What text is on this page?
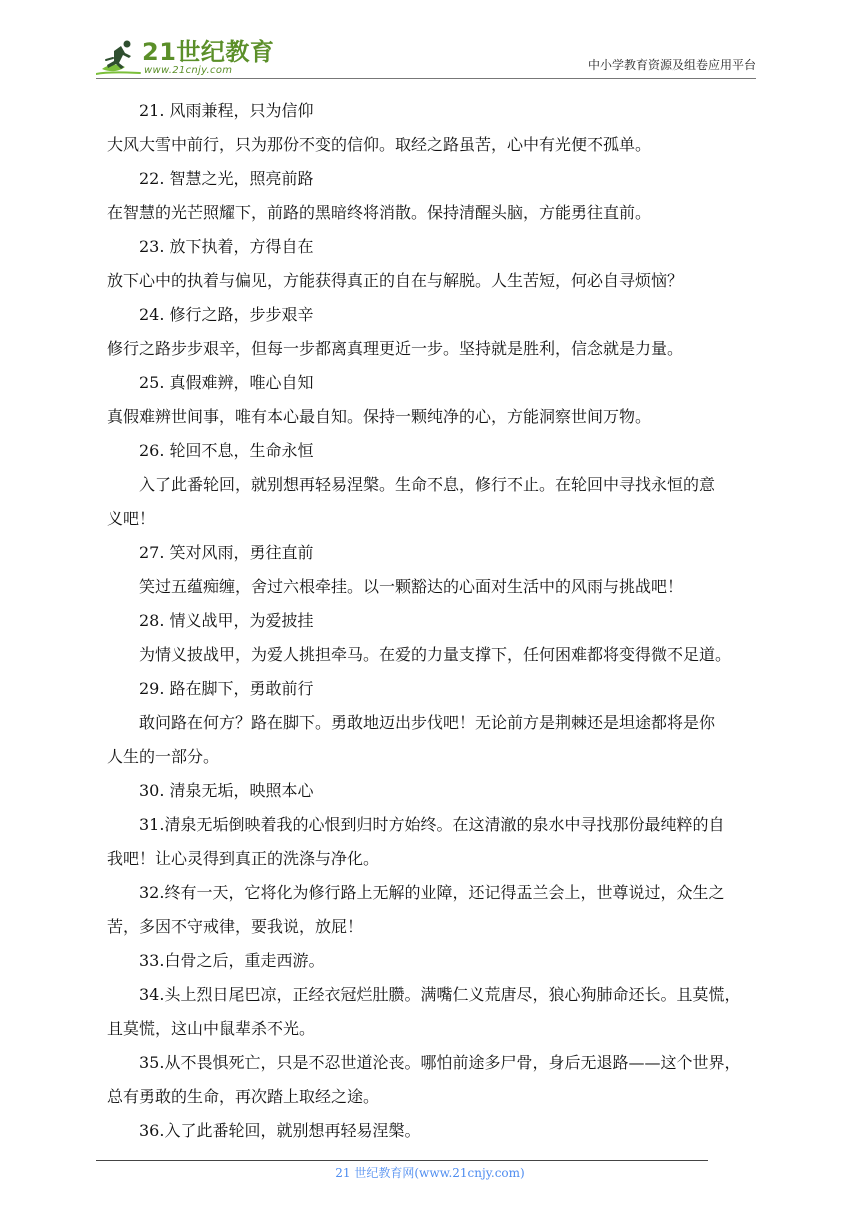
21世纪教育
www.21cnjy.com	中小学教育资源及组卷应用平台
21. 风雨兼程，只为信仰
大风大雪中前行，只为那份不变的信仰。取经之路虽苦，心中有光便不孤单。
22. 智慧之光，照亮前路
在智慧的光芒照耀下，前路的黑暗终将消散。保持清醒头脑，方能勇往直前。
23. 放下执着，方得自在
放下心中的执着与偏见，方能获得真正的自在与解脱。人生苦短，何必自寻烦恼？
24. 修行之路，步步艰辛
修行之路步步艰辛，但每一步都离真理更近一步。坚持就是胜利，信念就是力量。
25. 真假难辨，唯心自知
真假难辨世间事，唯有本心最自知。保持一颗纯净的心，方能洞察世间万物。
26. 轮回不息，生命永恒
入了此番轮回，就别想再轻易涅槃。生命不息，修行不止。在轮回中寻找永恒的意
义吧！
27. 笑对风雨，勇往直前
笑过五蕴痴缠，舍过六根牵挂。以一颗豁达的心面对生活中的风雨与挑战吧！
28. 情义战甲，为爱披挂
为情义披战甲，为爱人挑担牵马。在爱的力量支撑下，任何困难都将变得微不足道。
29. 路在脚下，勇敢前行
敢问路在何方？路在脚下。勇敢地迈出步伐吧！无论前方是荆棘还是坦途都将是你
人生的一部分。
30. 清泉无垢，映照本心
31.清泉无垢倒映着我的心恨到归时方始终。在这清澈的泉水中寻找那份最纯粹的自
我吧！让心灵得到真正的洗涤与净化。
32.终有一天，它将化为修行路上无解的业障，还记得盂兰会上，世尊说过，众生之
苦，多因不守戒律，要我说，放屁！
33.白骨之后，重走西游。
34.头上烈日尾巴凉，正经衣冠烂肚臜。满嘴仁义荒唐尽，狼心狗肺命还长。且莫慌，
且莫慌，这山中鼠辈杀不光。
35.从不畏惧死亡，只是不忍世道沦丧。哪怕前途多尸骨，身后无退路——这个世界，
总有勇敢的生命，再次踏上取经之途。
36.入了此番轮回，就别想再轻易涅槃。
21 世纪教育网(www.21cnjy.com)
